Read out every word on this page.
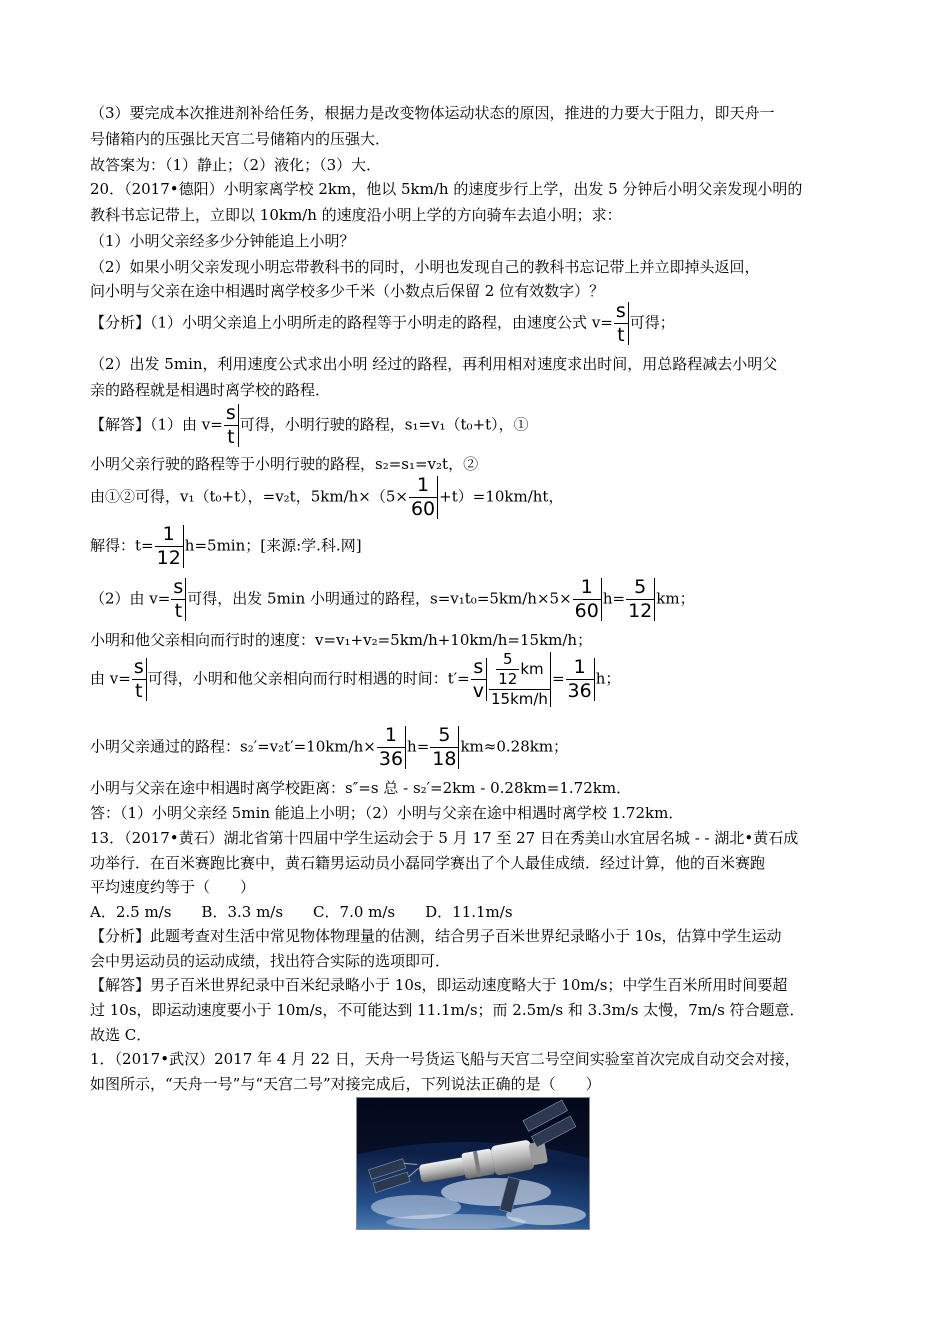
（3）要完成本次推进剂补给任务，根据力是改变物体运动状态的原因，推进的力要大于阻力，即天舟一
号储箱内的压强比天宫二号储箱内的压强大．
故答案为：（1）静止；（2）液化；（3）大．
20．（2017•德阳）小明家离学校 2km，他以 5km/h 的速度步行上学，出发 5 分钟后小明父亲发现小明的
教科书忘记带上，立即以 10km/h 的速度沿小明上学的方向骑车去追小明；求：
（1）小明父亲经多少分钟能追上小明？
（2）如果小明父亲发现小明忘带教科书的同时，小明也发现自己的教科书忘记带上并立即掉头返回，
问小明与父亲在途中相遇时离学校多少千米（小数点后保留 2 位有效数字）？
【分析】（1）小明父亲追上小明所走的路程等于小明走的路程，由速度公式 $v= \frac{s}{t}$ 可得；
（2）出发 5min，利用速度公式求出小明 经过的路程，再利用相对速度求出时间，用总路程减去小明父
亲的路程就是相遇时离学校的路程．
【解答】（1）由 $v= \frac{s}{t}$ 可得，小明行驶的路程，s₁=v₁（t₀+t），①
小明父亲行驶的路程等于小明行驶的路程，s₂=s₁=v₂t，②
由①②可得，v₁（t₀+t），=v₂t，$5km/h\times(5\times \frac{1}{60} +t)=10km/ht$，
解得：$t= \frac{1}{12} h=5\min$；[来源:学.科.网]
（2）由 $v= \frac{s}{t}$ 可得，出发 5min 小明通过的路程，$s=v_1t_0=5km/h\times 5\times \frac{1}{60} h= \frac{5}{12}$ km；
小明和他父亲相向而行时的速度：v=v₁+v₂=5km/h+10km/h=15km/h；
由 $v= \frac{s}{t}$ 可得，小明和他父亲相向而行时相遇的时间：$t'= \frac{s}{v} \frac{\frac{5}{12} km}{15km/h} = \frac{1}{36}$ h；
小明父亲通过的路程：$s_2'=v_2t'=10km/h\times \frac{1}{36} h= \frac{5}{18} km\approx 0.28km$；
小明与父亲在途中相遇时离学校距离：s″=s 总 - s₂′=2km - 0.28km=1.72km．
答：（1）小明父亲经 5min 能追上小明；（2）小明与父亲在途中相遇时离学校 1.72km．
13．（2017•黄石）湖北省第十四届中学生运动会于 5 月 17 至 27 日在秀美山水宜居名城 - - 湖北•黄石成
功举行．在百米赛跑比赛中，黄石籍男运动员小磊同学赛出了个人最佳成绩．经过计算，他的百米赛跑
平均速度约等于（　　）
A．2.5 m/s　　B．3.3 m/s　　C．7.0 m/s　　D．11.1m/s
【分析】此题考查对生活中常见物体物理量的估测，结合男子百米世界纪录略小于 10s，估算中学生运动
会中男运动员的运动成绩，找出符合实际的选项即可．
【解答】男子百米世界纪录中百米纪录略小于 10s，即运动速度略大于 10m/s；中学生百米所用时间要超
过 10s，即运动速度要小于 10m/s，不可能达到 11.1m/s；而 2.5m/s 和 3.3m/s 太慢，7m/s 符合题意．
故选 C．
1．（2017•武汉）2017 年 4 月 22 日，天舟一号货运飞船与天宫二号空间实验室首次完成自动交会对接，
如图所示，“天舟一号”与“天宫二号”对接完成后，下列说法正确的是（　　）
